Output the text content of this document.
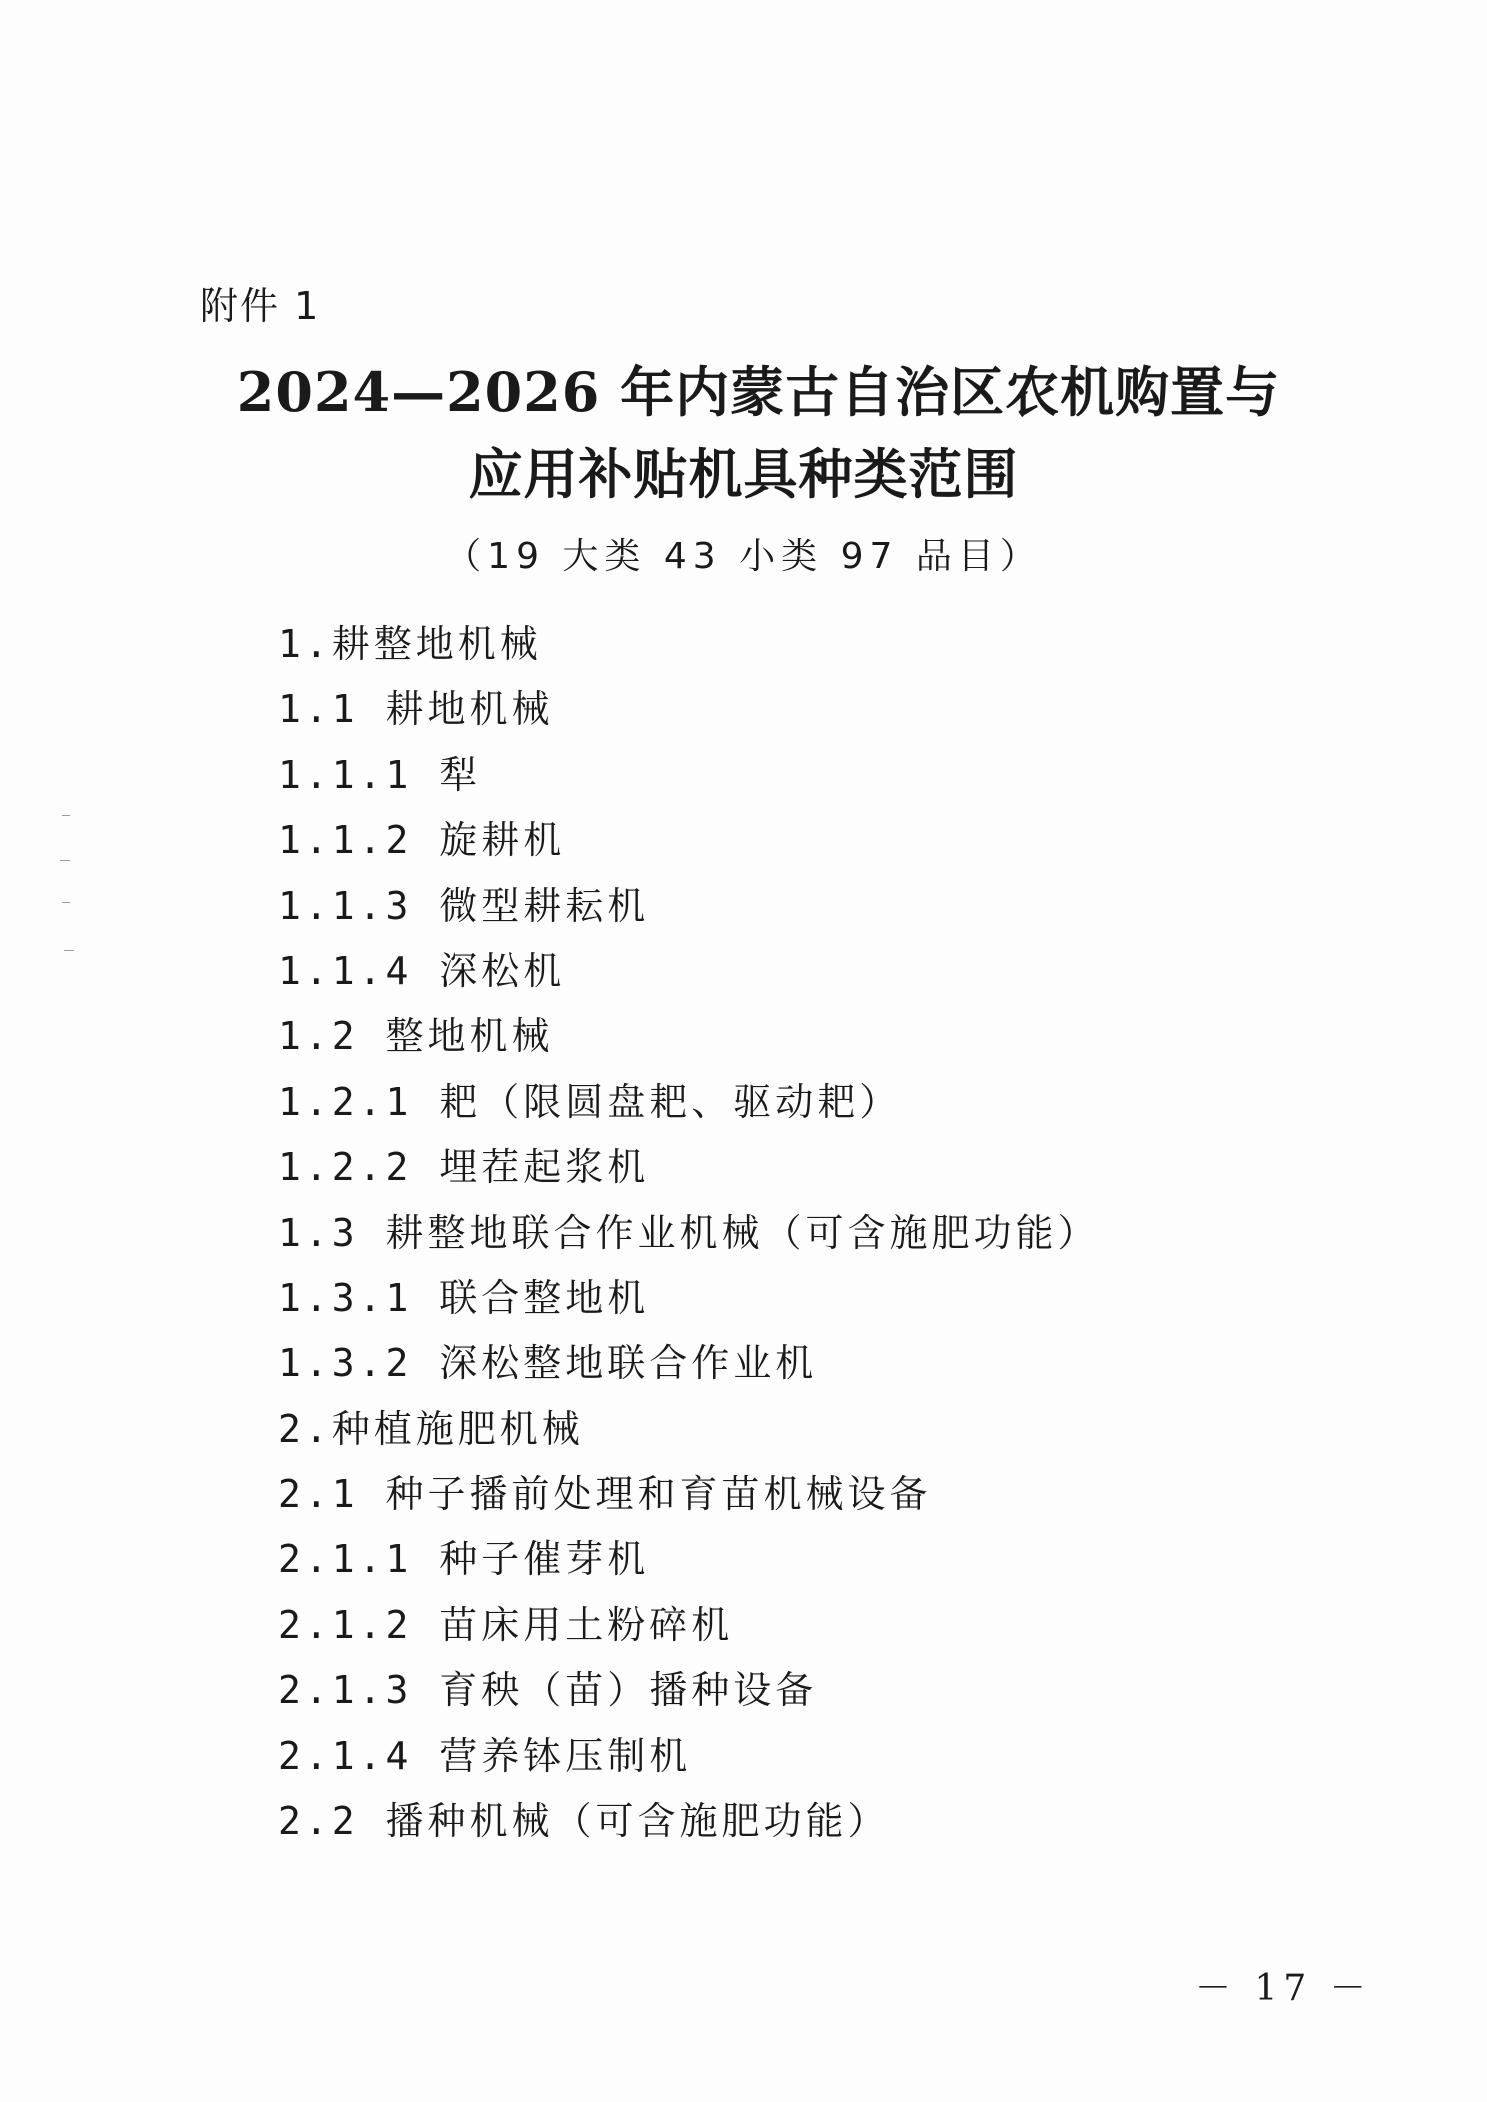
附件 1
2024—2026 年内蒙古自治区农机购置与
应用补贴机具种类范围
（19 大类 43 小类 97 品目）
1.耕整地机械
1.1 耕地机械
1.1.1 犁
1.1.2 旋耕机
1.1.3 微型耕耘机
1.1.4 深松机
1.2 整地机械
1.2.1 耙（限圆盘耙、驱动耙）
1.2.2 埋茬起浆机
1.3 耕整地联合作业机械（可含施肥功能）
1.3.1 联合整地机
1.3.2 深松整地联合作业机
2.种植施肥机械
2.1 种子播前处理和育苗机械设备
2.1.1 种子催芽机
2.1.2 苗床用土粉碎机
2.1.3 育秧（苗）播种设备
2.1.4 营养钵压制机
2.2 播种机械（可含施肥功能）
－ 17 －
